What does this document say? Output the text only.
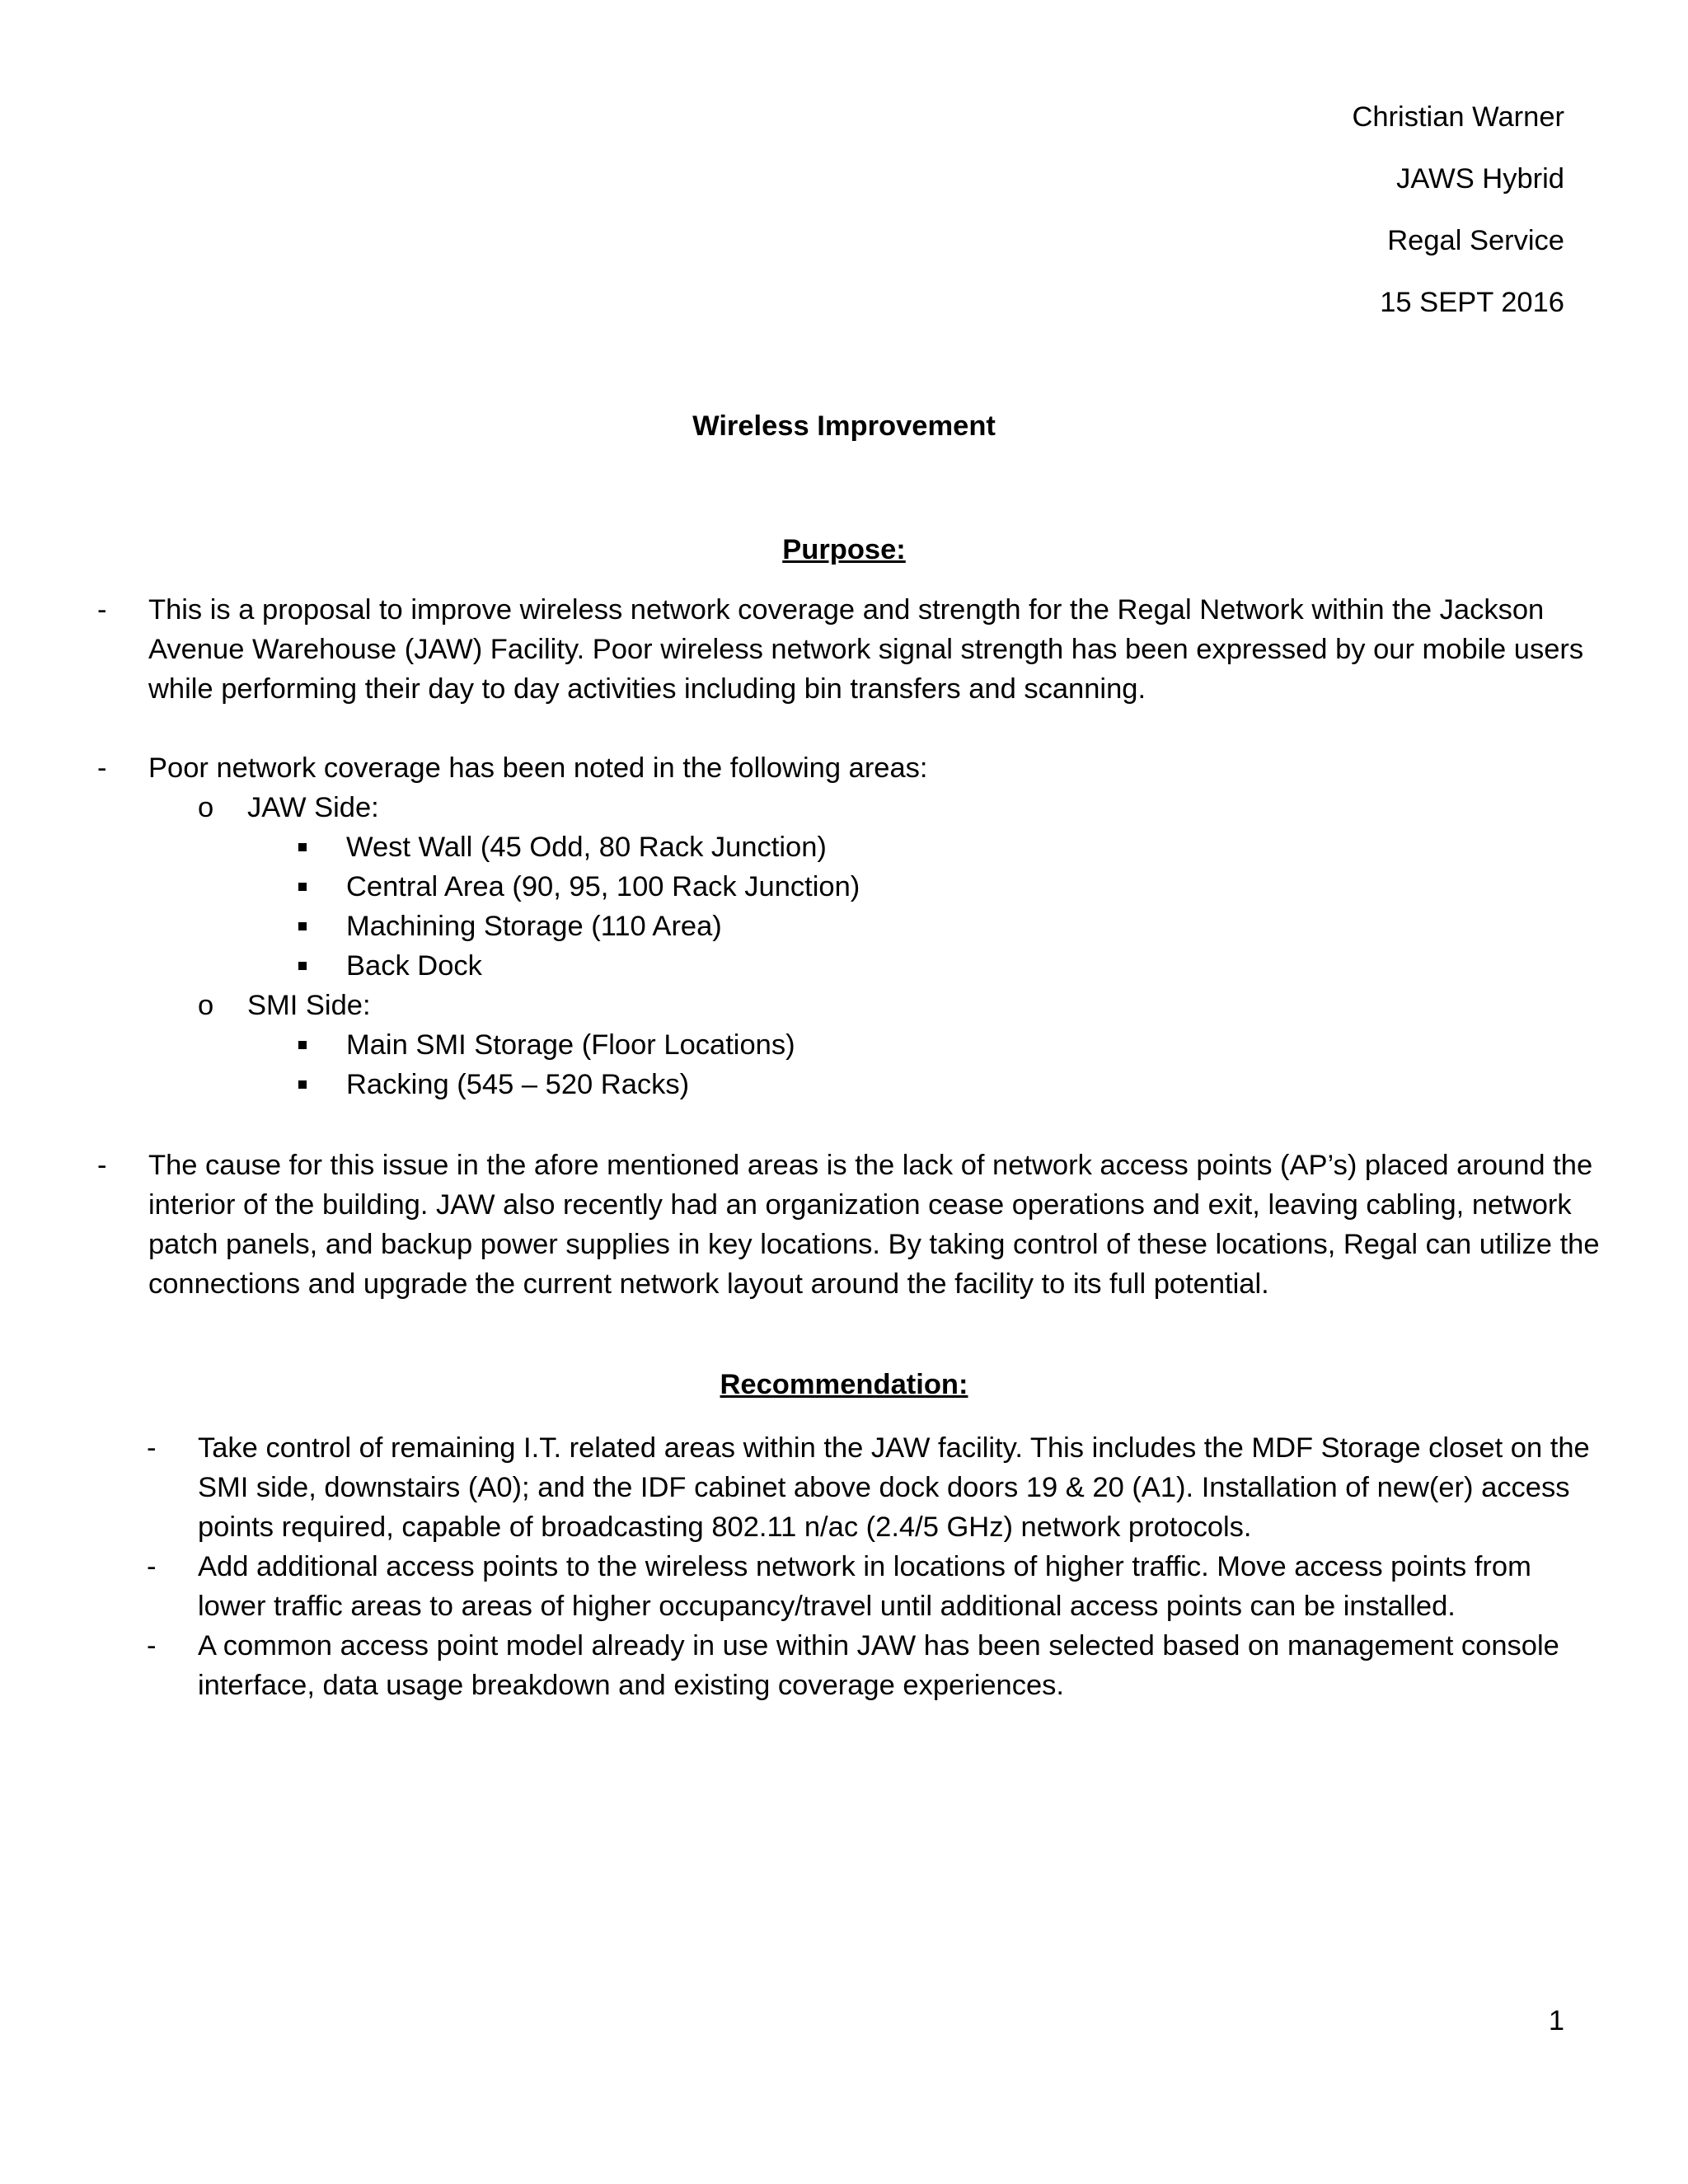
Christian Warner
JAWS Hybrid
Regal Service
15 SEPT 2016
Wireless Improvement
Purpose:
-	This is a proposal to improve wireless network coverage and strength for the Regal Network within the Jackson
Avenue Warehouse (JAW) Facility. Poor wireless network signal strength has been expressed by our mobile users
while performing their day to day activities including bin transfers and scanning.
-	Poor network coverage has been noted in the following areas:
o JAW Side:
West Wall (45 Odd, 80 Rack Junction)
Central Area (90, 95, 100 Rack Junction)
Machining Storage (110 Area)
Back Dock
o SMI Side:
Main SMI Storage (Floor Locations)
Racking (545 – 520 Racks)
-	The cause for this issue in the afore mentioned areas is the lack of network access points (AP’s) placed around the
interior of the building. JAW also recently had an organization cease operations and exit, leaving cabling, network
patch panels, and backup power supplies in key locations. By taking control of these locations, Regal can utilize the
connections and upgrade the current network layout around the facility to its full potential.
Recommendation:
-	Take control of remaining I.T. related areas within the JAW facility. This includes the MDF Storage closet on the
SMI side, downstairs (A0); and the IDF cabinet above dock doors 19 & 20 (A1). Installation of new(er) access
points required, capable of broadcasting 802.11 n/ac (2.4/5 GHz) network protocols.
-	Add additional access points to the wireless network in locations of higher traffic. Move access points from
lower traffic areas to areas of higher occupancy/travel until additional access points can be installed.
-	A common access point model already in use within JAW has been selected based on management console
interface, data usage breakdown and existing coverage experiences.
1
